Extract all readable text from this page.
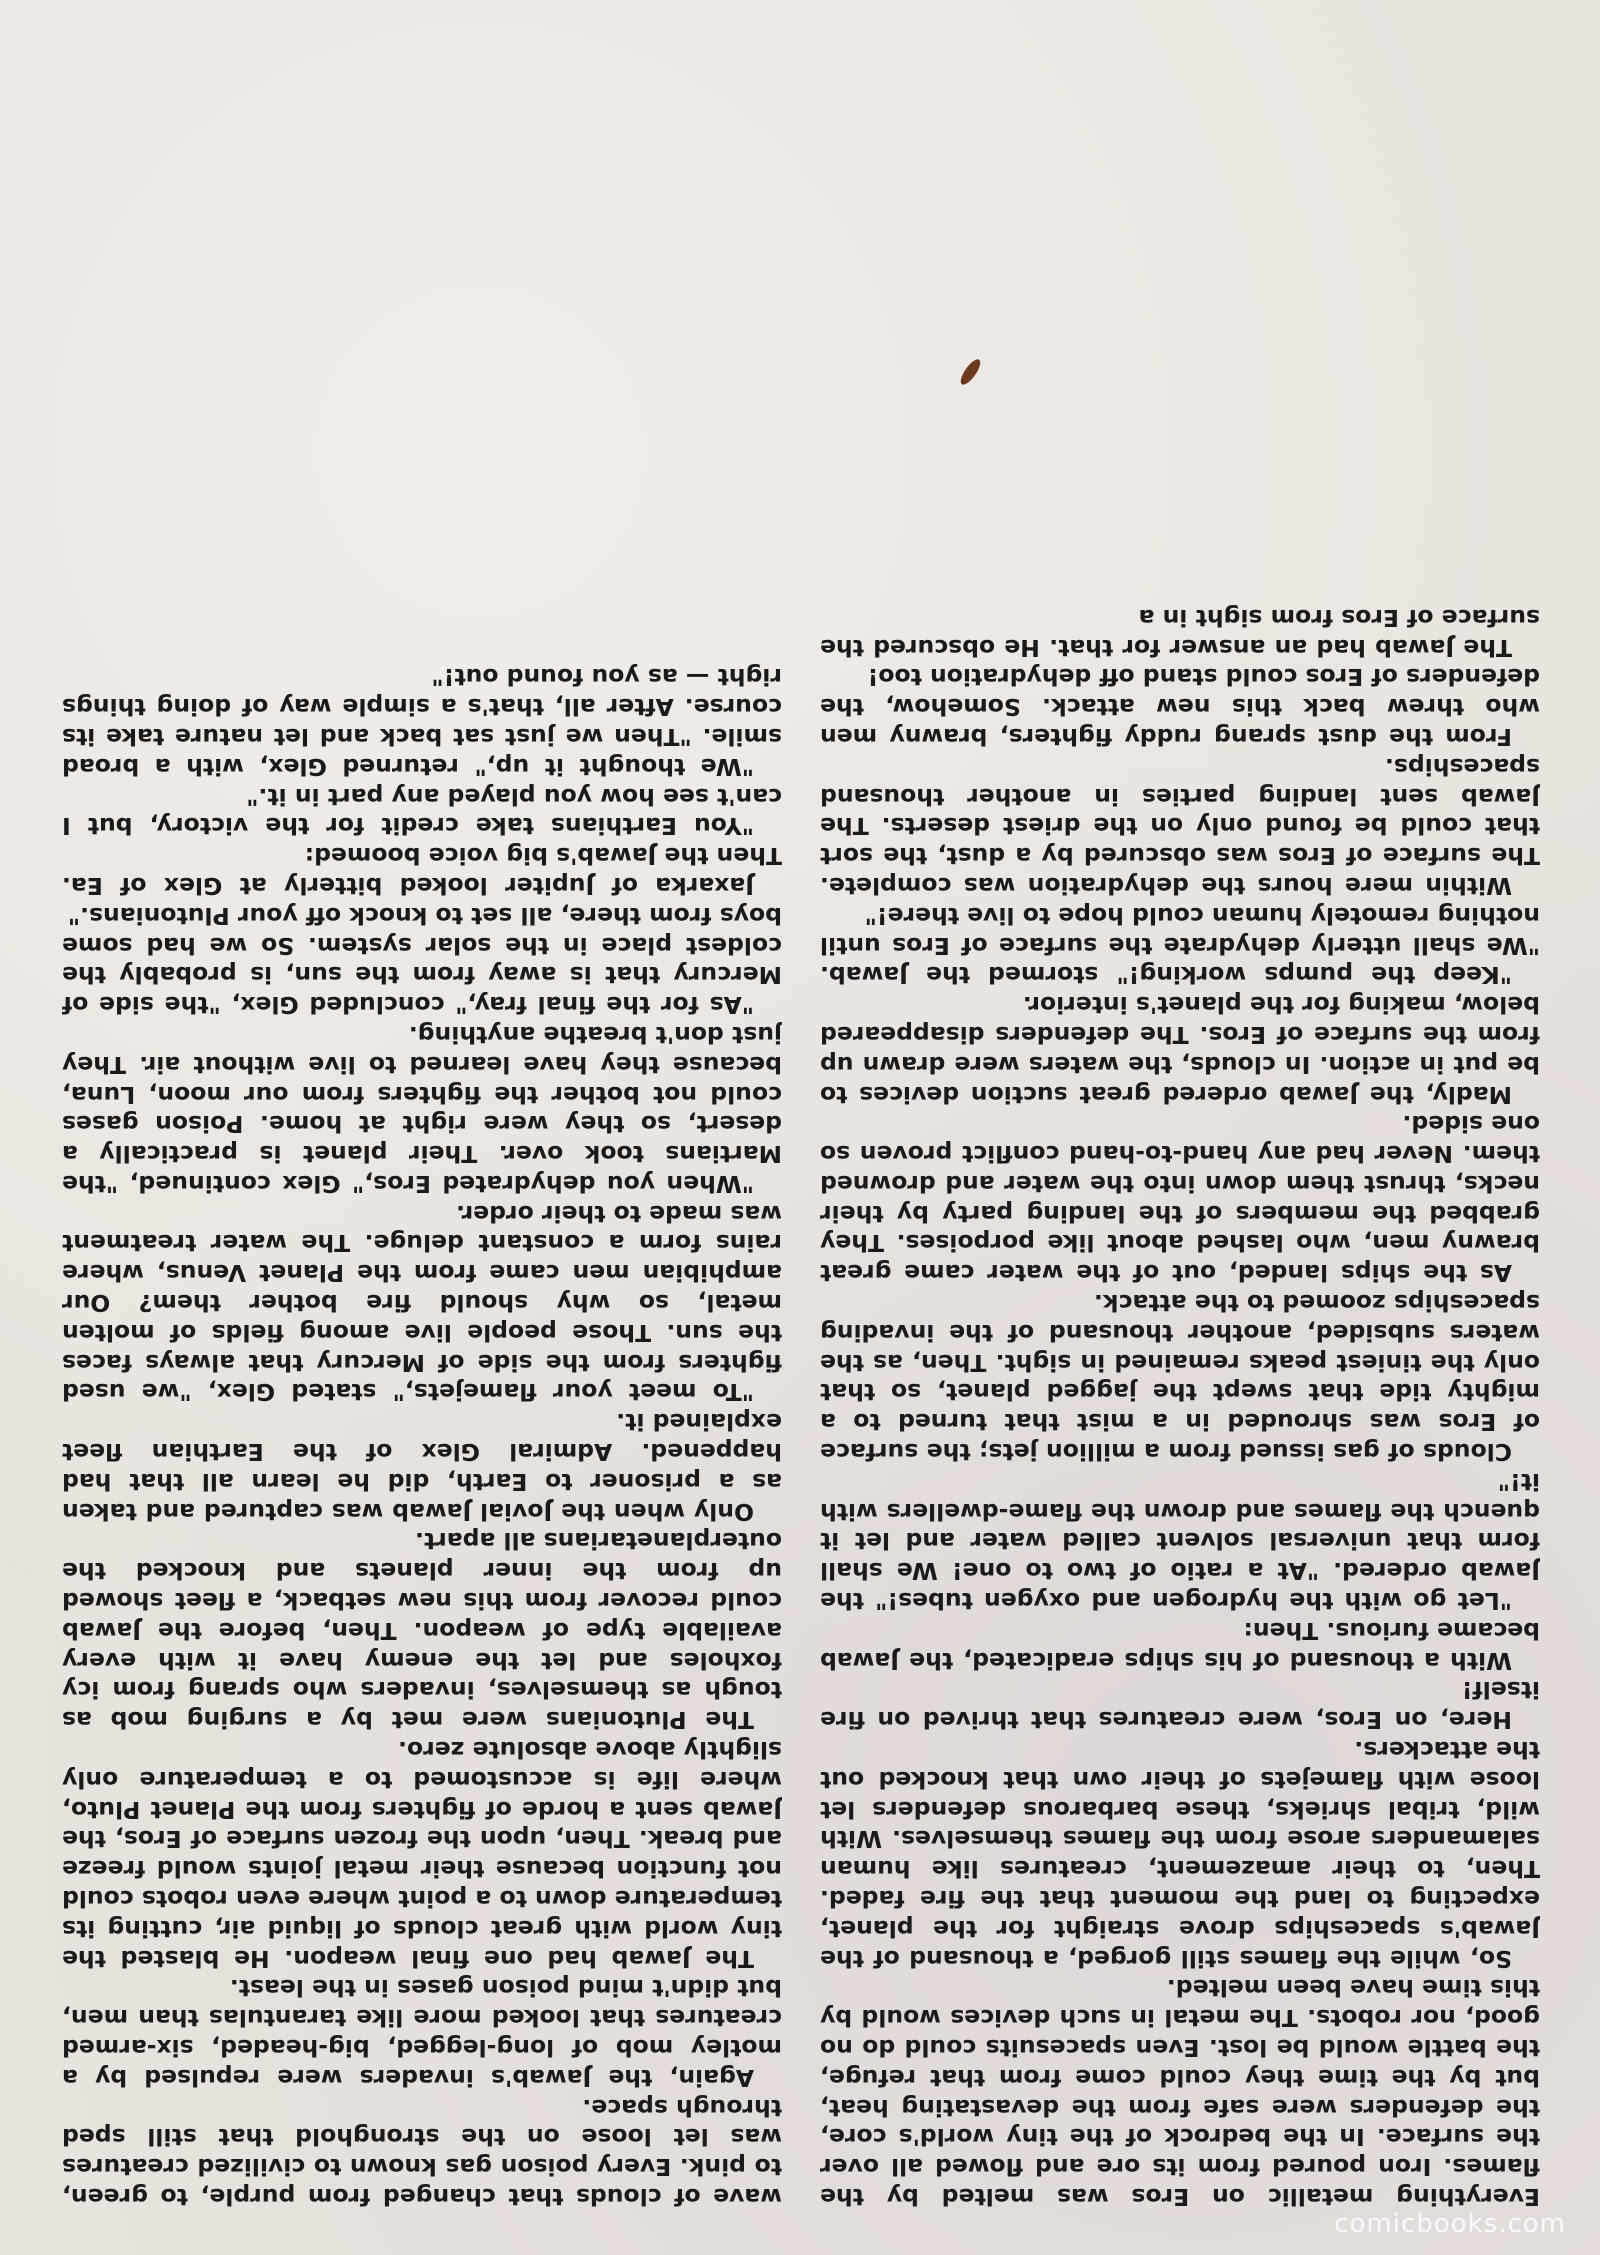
Everything metallic on Eros was melted by the flames. Iron poured from its ore and flowed all over the surface. In the bedrock of the tiny world's core, the defenders were safe from the devastating heat, but by the time they could come from that refuge, the battle would be lost. Even spacesuits could do no good, nor robots. The metal in such devices would by this time have been melted.

So, while the flames still gorged, a thousand of the Jawab's spaceships drove straight for the planet, expecting to land the moment that the fire faded. Then, to their amazement, creatures like human salamanders arose from the flames themselves. With wild, tribal shrieks, these barbarous defenders let loose with flamejets of their own that knocked out the attackers.

Here, on Eros, were creatures that thrived on fire itself!

With a thousand of his ships eradicated, the Jawab became furious. Then:

"Let go with the hydrogen and oxygen tubes!" the Jawab ordered. "At a ratio of two to one! We shall form that universal solvent called water and let it quench the flames and drown the flame-dwellers with it!"

Clouds of gas issued from a million jets; the surface of Eros was shrouded in a mist that turned to a mighty tide that swept the jagged planet, so that only the tiniest peaks remained in sight. Then, as the waters subsided, another thousand of the invading spaceships zoomed to the attack.

As the ships landed, out of the water came great brawny men, who lashed about like porpoises. They grabbed the members of the landing party by their necks, thrust them down into the water and drowned them. Never had any hand-to-hand conflict proven so one sided.

Madly, the Jawab ordered great suction devices to be put in action. In clouds, the waters were drawn up from the surface of Eros. The defenders disappeared below, making for the planet's interior.

"Keep the pumps working!" stormed the Jawab. "We shall utterly dehydrate the surface of Eros until nothing remotely human could hope to live there!"

Within mere hours the dehydration was complete. The surface of Eros was obscured by a dust, the sort that could be found only on the driest deserts. The Jawab sent landing parties in another thousand spaceships.

From the dust sprang ruddy fighters, brawny men who threw back this new attack. Somehow, the defenders of Eros could stand off dehydration too!

The Jawab had an answer for that. He obscured the surface of Eros from sight in a

wave of clouds that changed from purple, to green, to pink. Every poison gas known to civilized creatures was let loose on the stronghold that still sped through space.

Again, the Jawab's invaders were repulsed by a motley mob of long-legged, big-headed, six-armed creatures that looked more like tarantulas than men, but didn't mind poison gases in the least.

The Jawab had one final weapon. He blasted the tiny world with great clouds of liquid air, cutting its temperature down to a point where even robots could not function because their metal joints would freeze and break. Then, upon the frozen surface of Eros, the Jawab sent a horde of fighters from the Planet Pluto, where life is accustomed to a temperature only slightly above absolute zero.

The Plutonians were met by a surging mob as tough as themselves, invaders who sprang from icy foxholes and let the enemy have it with every available type of weapon. Then, before the Jawab could recover from this new setback, a fleet showed up from the inner planets and knocked the outerplanetarians all apart.

Only when the Jovial Jawab was captured and taken as a prisoner to Earth, did he learn all that had happened. Admiral Glex of the Earthian fleet explained it.

"To meet your flamejets," stated Glex, "we used fighters from the side of Mercury that always faces the sun. Those people live among fields of molten metal, so why should fire bother them? Our amphibian men came from the Planet Venus, where rains form a constant deluge. The water treatment was made to their order.

"When you dehydrated Eros," Glex continued, "the Martians took over. Their planet is practically a desert, so they were right at home. Poison gases could not bother the fighters from our moon, Luna, because they have learned to live without air. They just don't breathe anything.

"As for the final fray," concluded Glex, "the side of Mercury that is away from the sun, is probably the coldest place in the solar system. So we had some boys from there, all set to knock off your Plutonians."

Jaxarka of Jupiter looked bitterly at Glex of Ea. Then the Jawab's big voice boomed:

"You Earthians take credit for the victory, but I can't see how you played any part in it."

"We thought it up," returned Glex, with a broad smile. "Then we just sat back and let nature take its course. After all, that's a simple way of doing things right — as you found out!"

comicbooks.com
